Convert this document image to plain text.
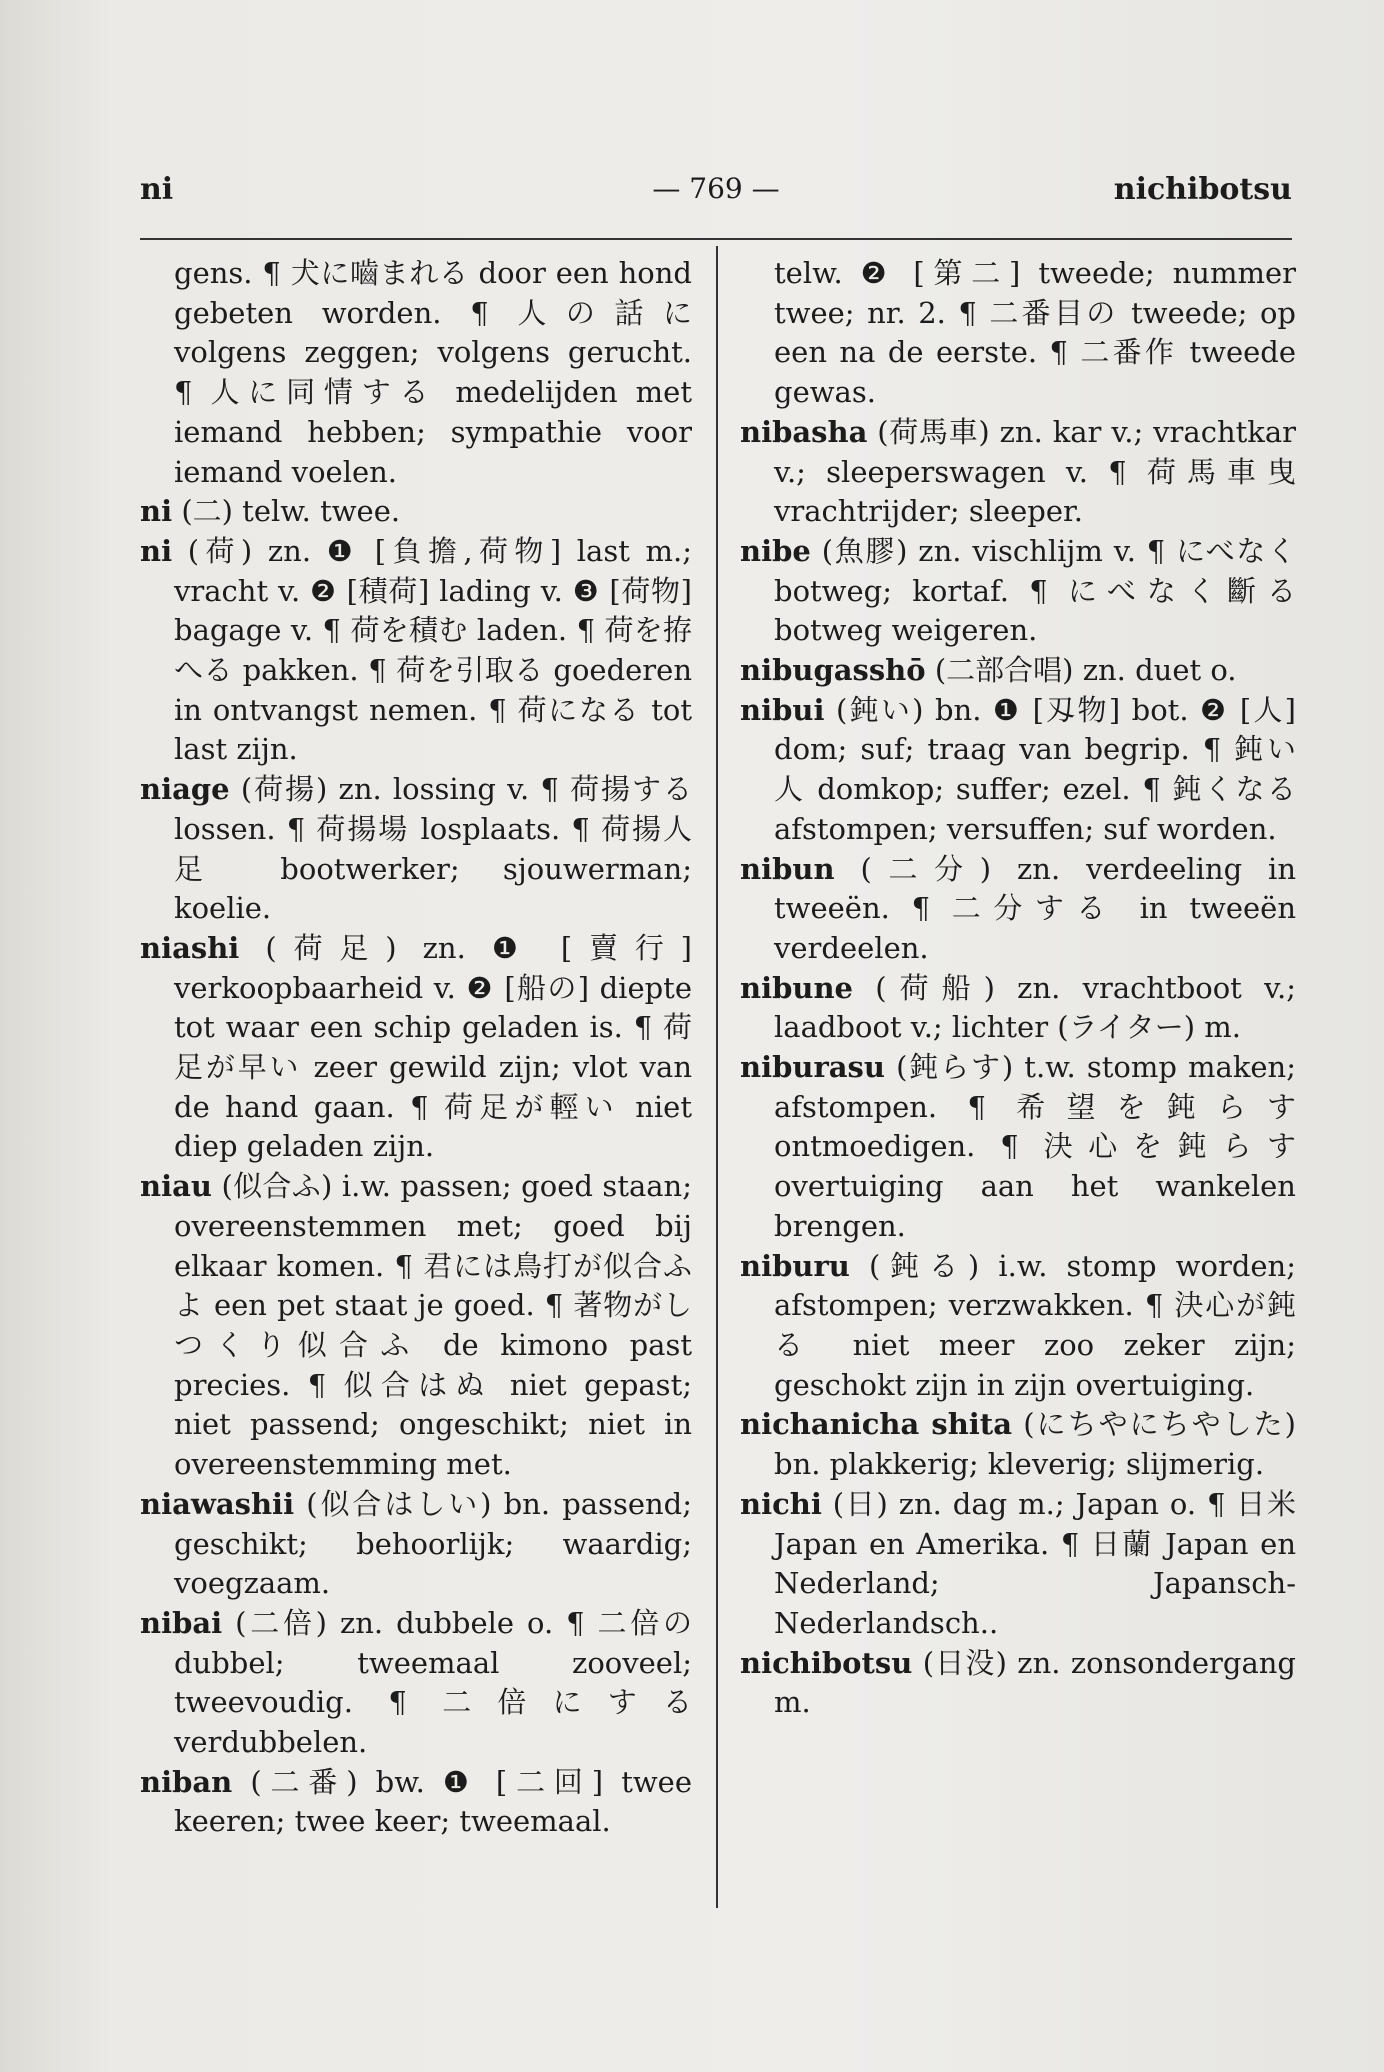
ni	— 769 —	nichibotsu

gens. ¶ 犬に嚙まれる door een hond gebeten worden. ¶ 人の話に volgens zeggen; volgens gerucht. ¶ 人に同情する medelijden met iemand hebben; sympathie voor iemand voelen.

ni (二) telw. twee.

ni (荷) zn. ❶ [負擔,荷物] last m.; vracht v. ❷ [積荷] lading v. ❸ [荷物] bagage v. ¶ 荷を積む laden. ¶ 荷を拵へる pakken. ¶ 荷を引取る goederen in ontvangst nemen. ¶ 荷になる tot last zijn.

niage (荷揚) zn. lossing v. ¶ 荷揚する lossen. ¶ 荷揚場 losplaats. ¶ 荷揚人足 bootwerker; sjouwerman; koelie.

niashi (荷足) zn. ❶ [賣行] verkoopbaarheid v. ❷ [船の] diepte tot waar een schip geladen is. ¶ 荷足が早い zeer gewild zijn; vlot van de hand gaan. ¶ 荷足が輕い niet diep geladen zijn.

niau (似合ふ) i.w. passen; goed staan; overeenstemmen met; goed bij elkaar komen. ¶ 君には鳥打が似合ふよ een pet staat je goed. ¶ 著物がしつくり似合ふ de kimono past precies. ¶ 似合はぬ niet gepast; niet passend; ongeschikt; niet in overeenstemming met.

niawashii (似合はしい) bn. passend; geschikt; behoorlijk; waardig; voegzaam.

nibai (二倍) zn. dubbele o. ¶ 二倍の dubbel; tweemaal zooveel; tweevoudig. ¶ 二倍にする verdubbelen.

niban (二番) bw. ❶ [二回] twee keeren; twee keer; tweemaal.

telw. ❷ [第二] tweede; nummer twee; nr. 2. ¶ 二番目の tweede; op een na de eerste. ¶ 二番作 tweede gewas.

nibasha (荷馬車) zn. kar v.; vrachtkar v.; sleeperswagen v. ¶ 荷馬車曳 vrachtrijder; sleeper.

nibe (魚膠) zn. vischlijm v. ¶ にべなく botweg; kortaf. ¶ にべなく斷る botweg weigeren.

nibugasshō (二部合唱) zn. duet o.

nibui (鈍い) bn. ❶ [刄物] bot. ❷ [人] dom; suf; traag van begrip. ¶ 鈍い人 domkop; suffer; ezel. ¶ 鈍くなる afstompen; versuffen; suf worden.

nibun (二分) zn. verdeeling in tweeën. ¶ 二分する in tweeën verdeelen.

nibune (荷船) zn. vrachtboot v.; laadboot v.; lichter (ライター) m.

niburasu (鈍らす) t.w. stomp maken; afstompen. ¶ 希望を鈍らす ontmoedigen. ¶ 決心を鈍らす overtuiging aan het wankelen brengen.

niburu (鈍る) i.w. stomp worden; afstompen; verzwakken. ¶ 決心が鈍る niet meer zoo zeker zijn; geschokt zijn in zijn overtuiging.

nichanicha shita (にちやにちやした) bn. plakkerig; kleverig; slijmerig.

nichi (日) zn. dag m.; Japan o. ¶ 日米 Japan en Amerika. ¶ 日蘭 Japan en Nederland; Japansch-Nederlandsch..

nichibotsu (日没) zn. zonsondergang m.
